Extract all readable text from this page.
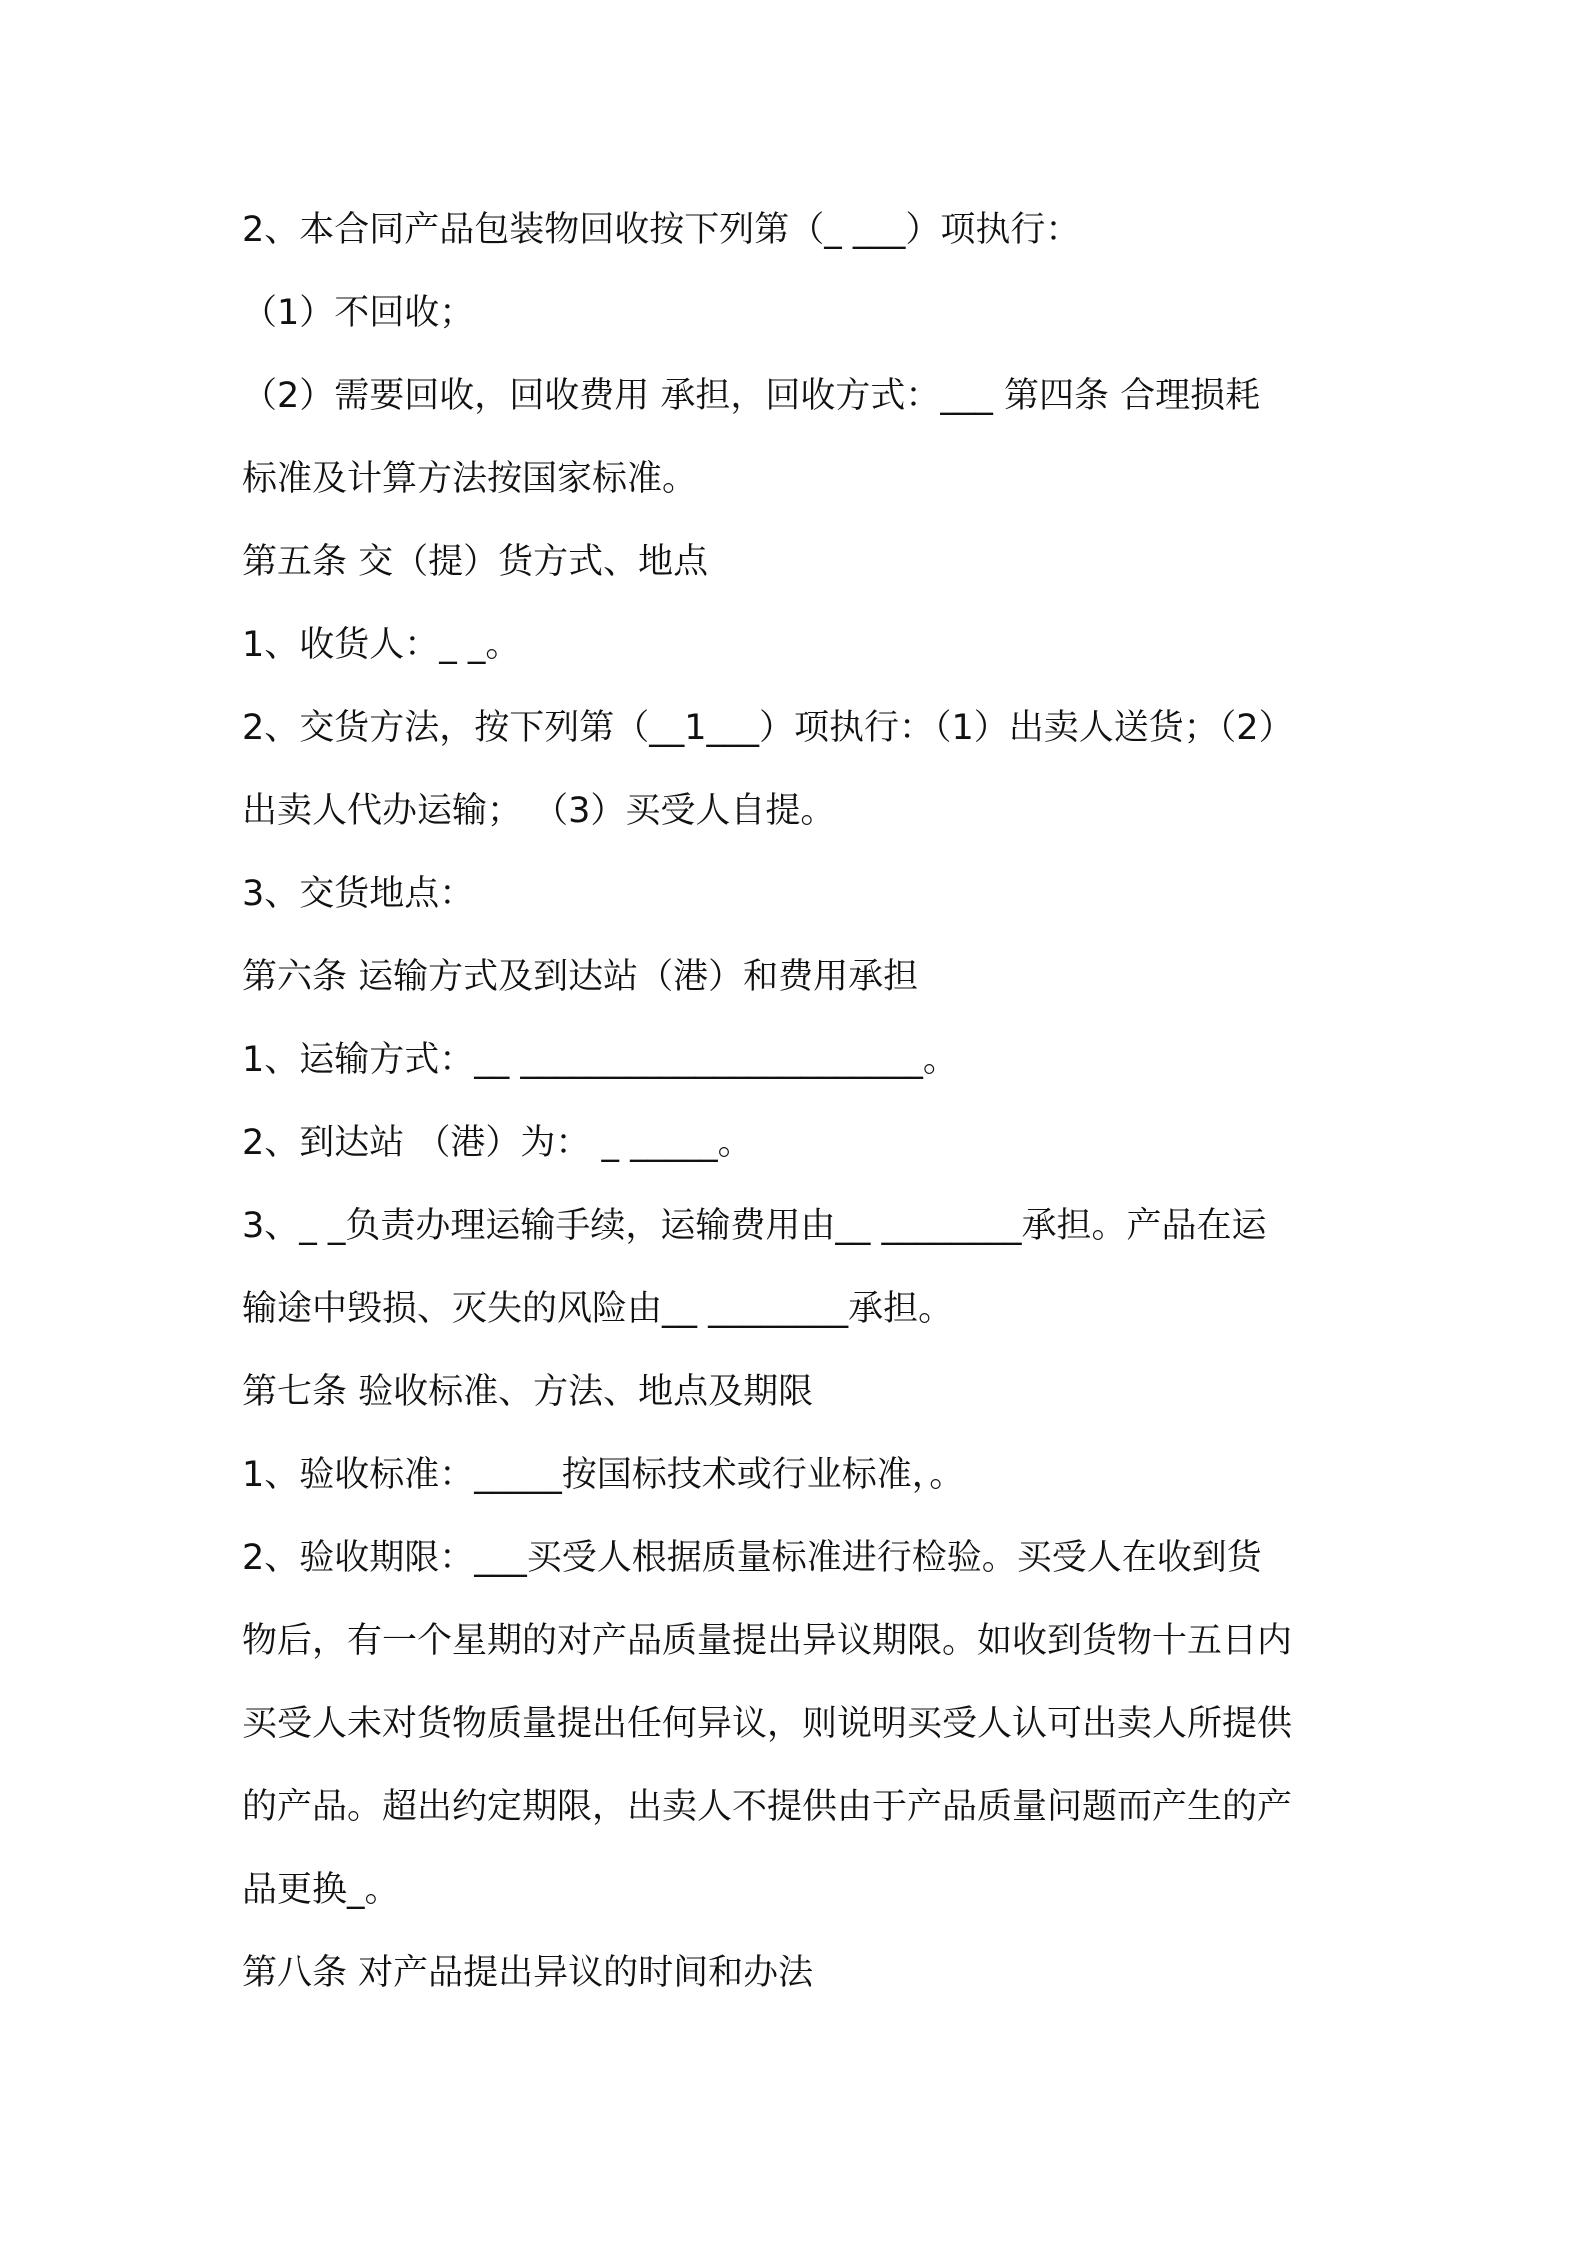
2、本合同产品包装物回收按下列第（_ ___）项执行：
（1）不回收；
（2）需要回收，回收费用 承担，回收方式：___ 第四条 合理损耗
标准及计算方法按国家标准。
第五条 交（提）货方式、地点
1、收货人：_ _。
2、交货方法，按下列第（__1___）项执行：（1）出卖人送货；（2）
出卖人代办运输； （3）买受人自提。
3、交货地点：
第六条 运输方式及到达站（港）和费用承担
1、运输方式：__ _______________________。
2、到达站 （港）为： _ _____。
3、_ _负责办理运输手续，运输费用由__ ________承担。产品在运
输途中毁损、灭失的风险由__ ________承担。
第七条 验收标准、方法、地点及期限
1、验收标准：_____按国标技术或行业标准，。
2、验收期限：___买受人根据质量标准进行检验。买受人在收到货
物后，有一个星期的对产品质量提出异议期限。如收到货物十五日内
买受人未对货物质量提出任何异议，则说明买受人认可出卖人所提供
的产品。超出约定期限，出卖人不提供由于产品质量问题而产生的产
品更换_。
第八条 对产品提出异议的时间和办法
